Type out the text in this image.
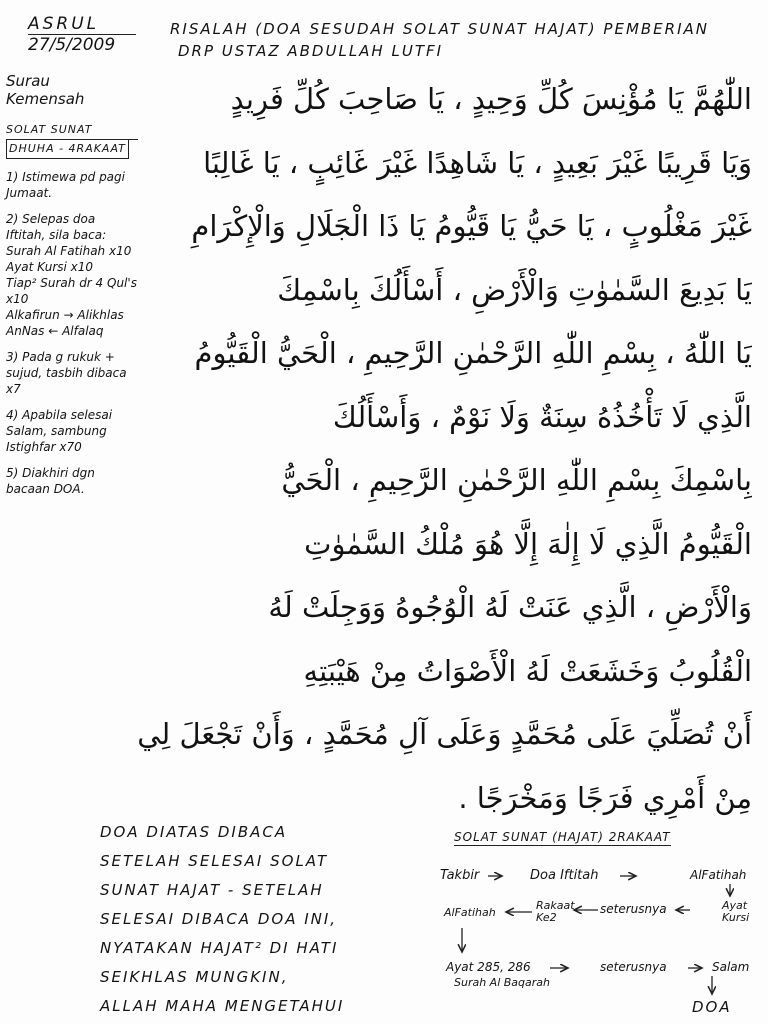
ASRUL
27/5/2009
RISALAH (DOA SESUDAH SOLAT SUNAT HAJAT) PEMBERIAN
DRP USTAZ ABDULLAH LUTFI
Surau
Kemensah
SOLAT SUNAT
DHUHA - 4RAKAAT
1) Istimewa pd pagi Jumaat.
2) Selepas doa Iftitah, sila baca:
Surah Al Fatihah x10
Ayat Kursi x10
Tiap² Surah dr 4 Qul's x10
Alkafirun → Alikhlas
AnNas ← Alfalaq
3) Pada g rukuk + sujud, tasbih dibaca x7
4) Apabila selesai Salam, sambung Istighfar x70
5) Diakhiri dgn bacaan DOA.
اللّٰهُمَّ يَا مُؤْنِسَ كُلِّ وَحِيدٍ ، يَا صَاحِبَ كُلِّ فَرِيدٍ
وَيَا قَرِيبًا غَيْرَ بَعِيدٍ ، يَا شَاهِدًا غَيْرَ غَائِبٍ ، يَا غَالِبًا
غَيْرَ مَغْلُوبٍ ، يَا حَيُّ يَا قَيُّومُ يَا ذَا الْجَلَالِ وَالْإِكْرَامِ
يَا بَدِيعَ السَّمٰوٰتِ وَالْأَرْضِ ، أَسْأَلُكَ بِاسْمِكَ
يَا اللّٰهُ ، بِسْمِ اللّٰهِ الرَّحْمٰنِ الرَّحِيمِ ، الْحَيُّ الْقَيُّومُ
الَّذِي لَا تَأْخُذُهُ سِنَةٌ وَلَا نَوْمٌ ، وَأَسْأَلُكَ
بِاسْمِكَ بِسْمِ اللّٰهِ الرَّحْمٰنِ الرَّحِيمِ ، الْحَيُّ
الْقَيُّومُ الَّذِي لَا إِلٰهَ إِلَّا هُوَ مُلْكُ السَّمٰوٰتِ
وَالْأَرْضِ ، الَّذِي عَنَتْ لَهُ الْوُجُوهُ وَوَجِلَتْ لَهُ
الْقُلُوبُ وَخَشَعَتْ لَهُ الْأَصْوَاتُ مِنْ هَيْبَتِهِ
أَنْ تُصَلِّيَ عَلَى مُحَمَّدٍ وَعَلَى آلِ مُحَمَّدٍ ، وَأَنْ تَجْعَلَ لِي
مِنْ أَمْرِي فَرَجًا وَمَخْرَجًا .
DOA DIATAS DIBACA
SETELAH SELESAI SOLAT
SUNAT HAJAT - SETELAH
SELESAI DIBACA DOA INI,
NYATAKAN HAJAT² DI HATI
SEIKHLAS MUNGKIN,
ALLAH MAHA MENGETAHUI
SOLAT SUNAT (HAJAT) 2RAKAAT
Takbir	Doa Iftitah	AlFatihah
Ayat Kursi
seterusnya
Rakaat Ke2
AlFatihah
Ayat 285, 286
Surah Al Baqarah
seterusnya	Salam
DOA
